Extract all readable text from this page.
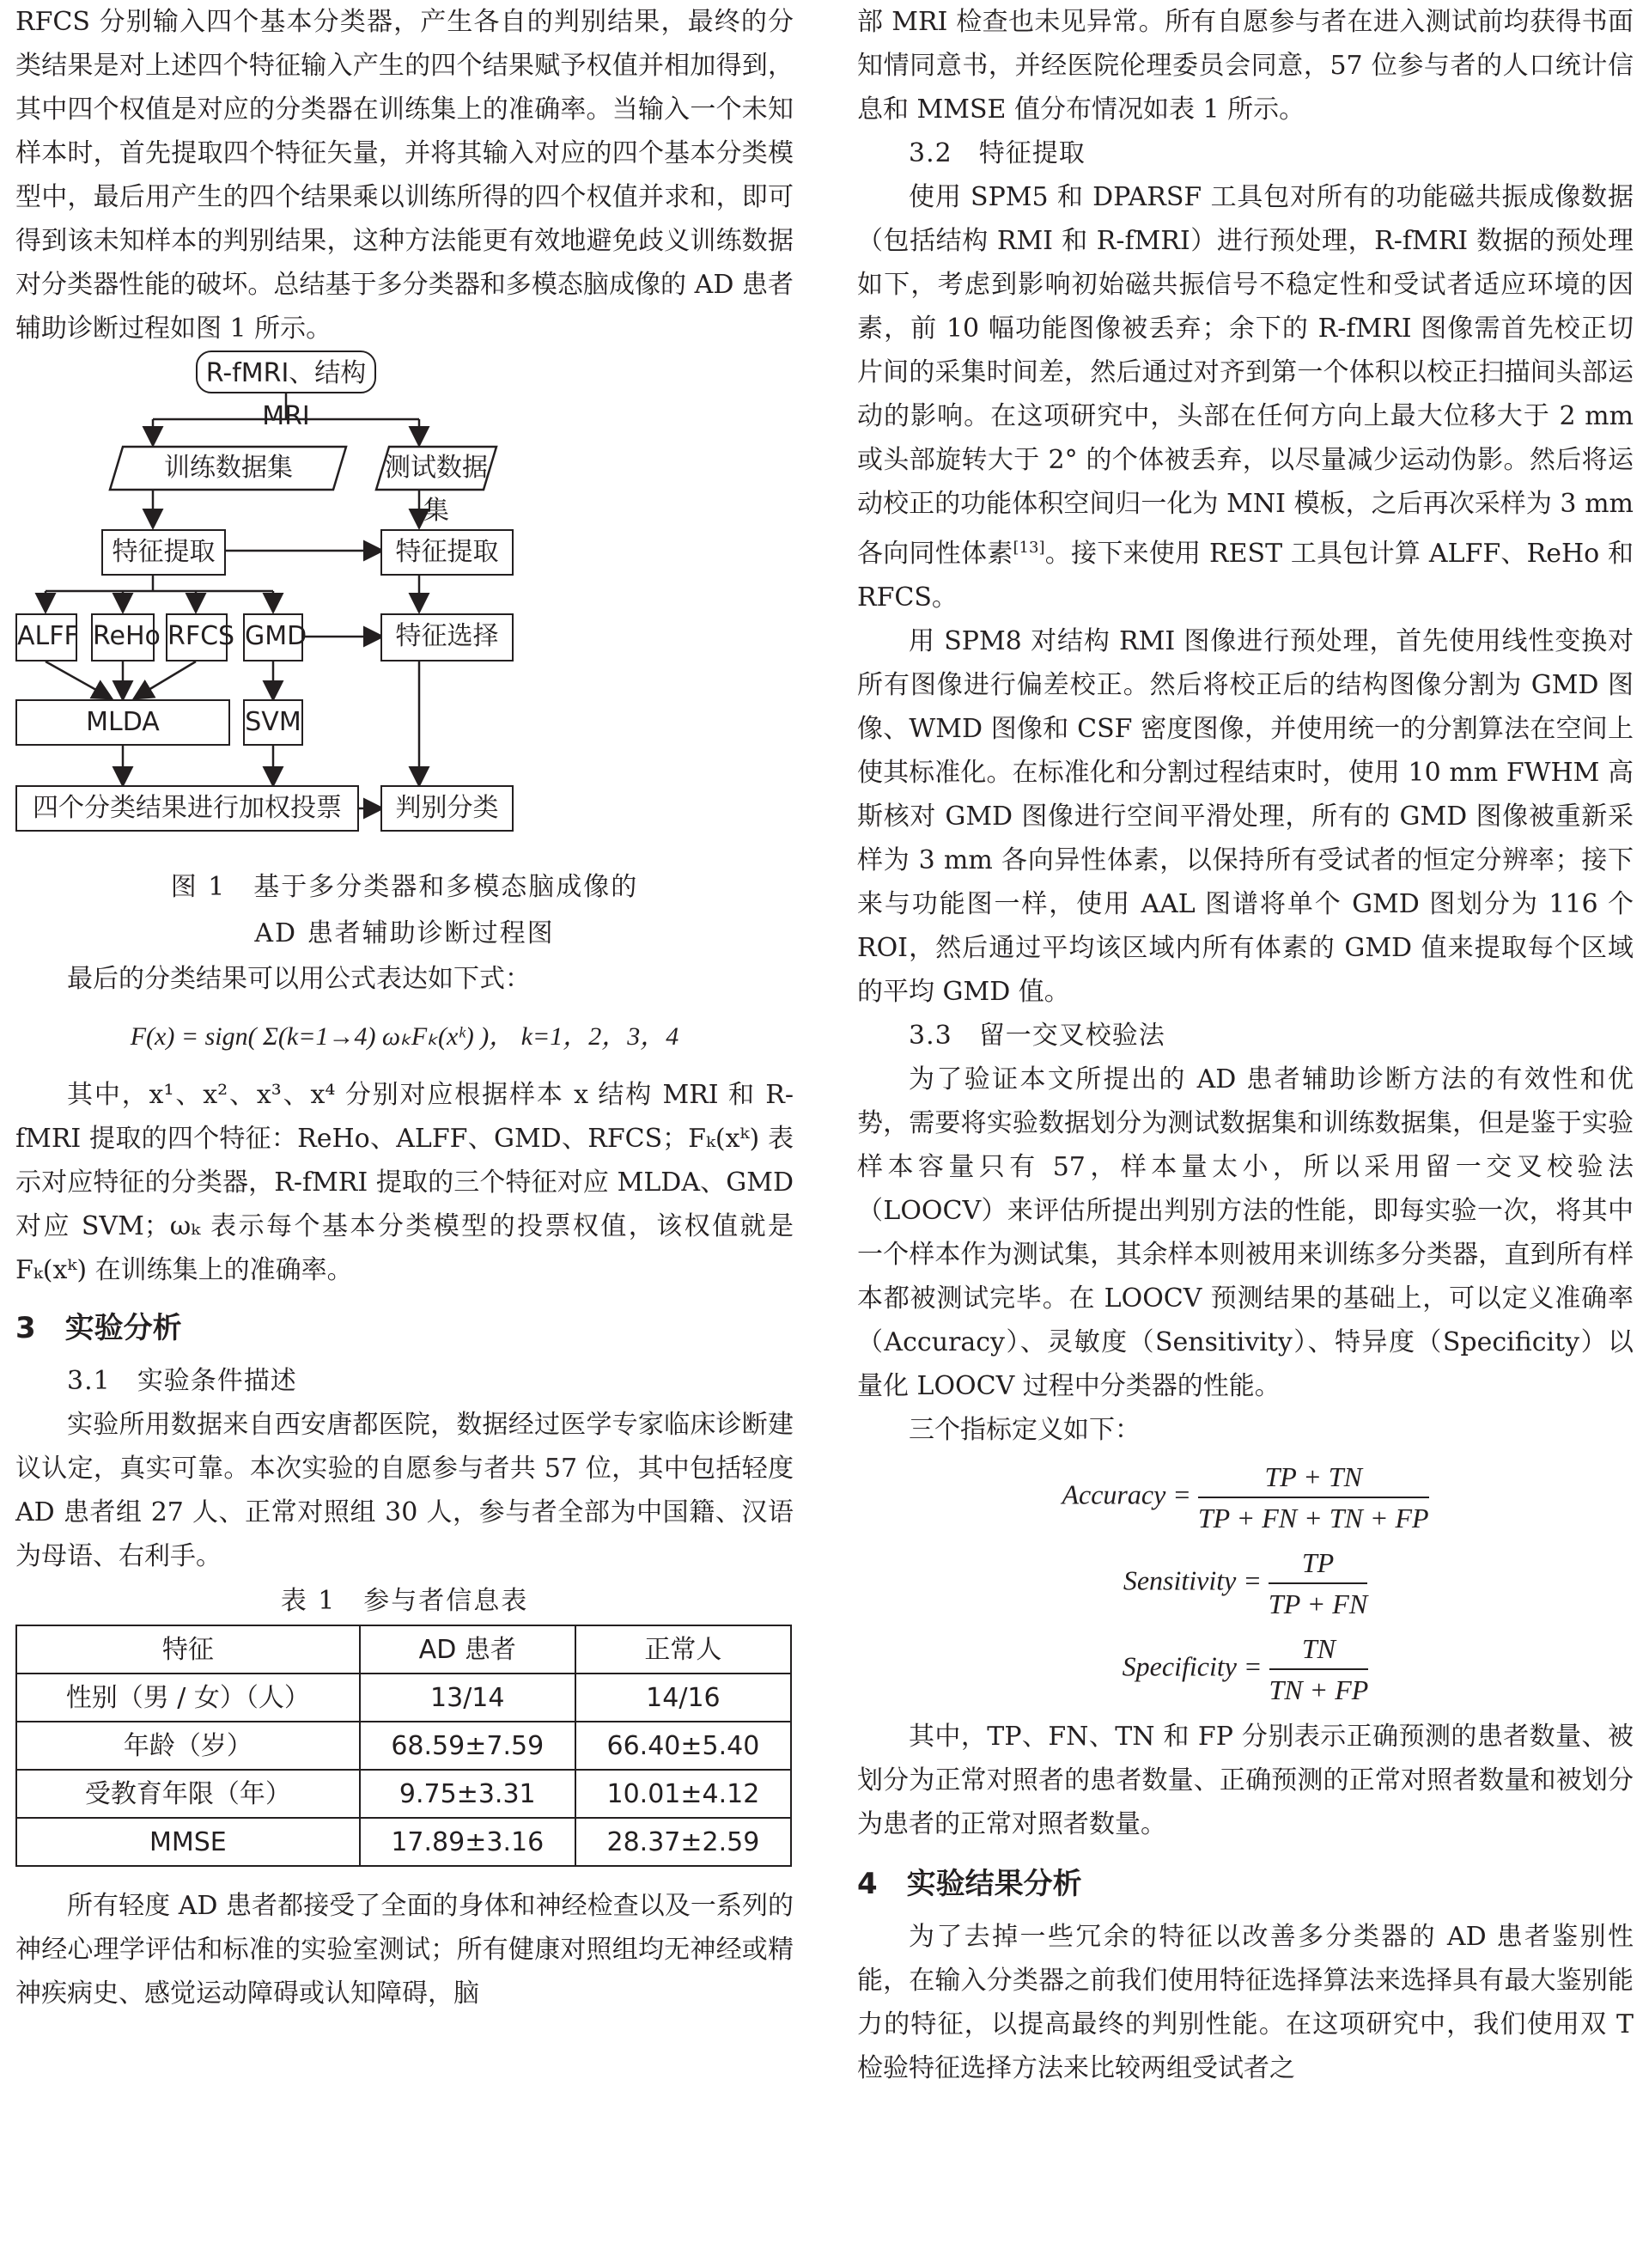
RFCS 分别输入四个基本分类器，产生各自的判别结果，最终的分类结果是对上述四个特征输入产生的四个结果赋予权值并相加得到，其中四个权值是对应的分类器在训练集上的准确率。当输入一个未知样本时，首先提取四个特征矢量，并将其输入对应的四个基本分类模型中，最后用产生的四个结果乘以训练所得的四个权值并求和，即可得到该未知样本的判别结果，这种方法能更有效地避免歧义训练数据对分类器性能的破坏。总结基于多分类器和多模态脑成像的 AD 患者辅助诊断过程如图 1 所示。

R-fMRI、结构 MRI
训练数据集	测试数据集
特征提取	特征提取
ALFF ReHo RFCS GMD	特征选择
MLDA	SVM
四个分类结果进行加权投票	判别分类

图 1　基于多分类器和多模态脑成像的

AD 患者辅助诊断过程图

最后的分类结果可以用公式表达如下式：

F(x) = sign( Σ(k=1→4) ωₖFₖ(xᵏ) )， k=1，2，3，4

其中，x¹、x²、x³、x⁴ 分别对应根据样本 x 结构 MRI 和 R-fMRI 提取的四个特征：ReHo、ALFF、GMD、RFCS；Fₖ(xᵏ) 表示对应特征的分类器，R-fMRI 提取的三个特征对应 MLDA、GMD 对应 SVM；ωₖ 表示每个基本分类模型的投票权值，该权值就是 Fₖ(xᵏ) 在训练集上的准确率。

3　实验分析
3.1　实验条件描述

实验所用数据来自西安唐都医院，数据经过医学专家临床诊断建议认定，真实可靠。本次实验的自愿参与者共 57 位，其中包括轻度 AD 患者组 27 人、正常对照组 30 人，参与者全部为中国籍、汉语为母语、右利手。

表 1　参与者信息表

特征	AD 患者	正常人
性别（男 / 女）（人）	13/14	14/16
年龄（岁）	68.59±7.59	66.40±5.40
受教育年限（年）	9.75±3.31	10.01±4.12
MMSE	17.89±3.16	28.37±2.59

所有轻度 AD 患者都接受了全面的身体和神经检查以及一系列的神经心理学评估和标准的实验室测试；所有健康对照组均无神经或精神疾病史、感觉运动障碍或认知障碍，脑

部 MRI 检查也未见异常。所有自愿参与者在进入测试前均获得书面知情同意书，并经医院伦理委员会同意，57 位参与者的人口统计信息和 MMSE 值分布情况如表 1 所示。

3.2　特征提取

使用 SPM5 和 DPARSF 工具包对所有的功能磁共振成像数据（包括结构 RMI 和 R-fMRI）进行预处理，R-fMRI 数据的预处理如下，考虑到影响初始磁共振信号不稳定性和受试者适应环境的因素，前 10 幅功能图像被丢弃；余下的 R-fMRI 图像需首先校正切片间的采集时间差，然后通过对齐到第一个体积以校正扫描间头部运动的影响。在这项研究中，头部在任何方向上最大位移大于 2 mm 或头部旋转大于 2° 的个体被丢弃，以尽量减少运动伪影。然后将运动校正的功能体积空间归一化为 MNI 模板，之后再次采样为 3 mm 各向同性体素[13]。接下来使用 REST 工具包计算 ALFF、ReHo 和 RFCS。

用 SPM8 对结构 RMI 图像进行预处理，首先使用线性变换对所有图像进行偏差校正。然后将校正后的结构图像分割为 GMD 图像、WMD 图像和 CSF 密度图像，并使用统一的分割算法在空间上使其标准化。在标准化和分割过程结束时，使用 10 mm FWHM 高斯核对 GMD 图像进行空间平滑处理，所有的 GMD 图像被重新采样为 3 mm 各向异性体素，以保持所有受试者的恒定分辨率；接下来与功能图一样，使用 AAL 图谱将单个 GMD 图划分为 116 个 ROI，然后通过平均该区域内所有体素的 GMD 值来提取每个区域的平均 GMD 值。

3.3　留一交叉校验法

为了验证本文所提出的 AD 患者辅助诊断方法的有效性和优势，需要将实验数据划分为测试数据集和训练数据集，但是鉴于实验样本容量只有 57，样本量太小，所以采用留一交叉校验法（LOOCV）来评估所提出判别方法的性能，即每实验一次，将其中一个样本作为测试集，其余样本则被用来训练多分类器，直到所有样本都被测试完毕。在 LOOCV 预测结果的基础上，可以定义准确率（Accuracy）、灵敏度（Sensitivity）、特异度（Specificity）以量化 LOOCV 过程中分类器的性能。

三个指标定义如下：

Accuracy = $\frac{TP + TN}{TP + FN + TN + FP}$
Sensitivity = $\frac{TP}{TP + FN}$
Specificity = $\frac{TN}{TN + FP}$

其中，TP、FN、TN 和 FP 分别表示正确预测的患者数量、被划分为正常对照者的患者数量、正确预测的正常对照者数量和被划分为患者的正常对照者数量。

4　实验结果分析

为了去掉一些冗余的特征以改善多分类器的 AD 患者鉴别性能，在输入分类器之前我们使用特征选择算法来选择具有最大鉴别能力的特征，以提高最终的判别性能。在这项研究中，我们使用双 T 检验特征选择方法来比较两组受试者之
